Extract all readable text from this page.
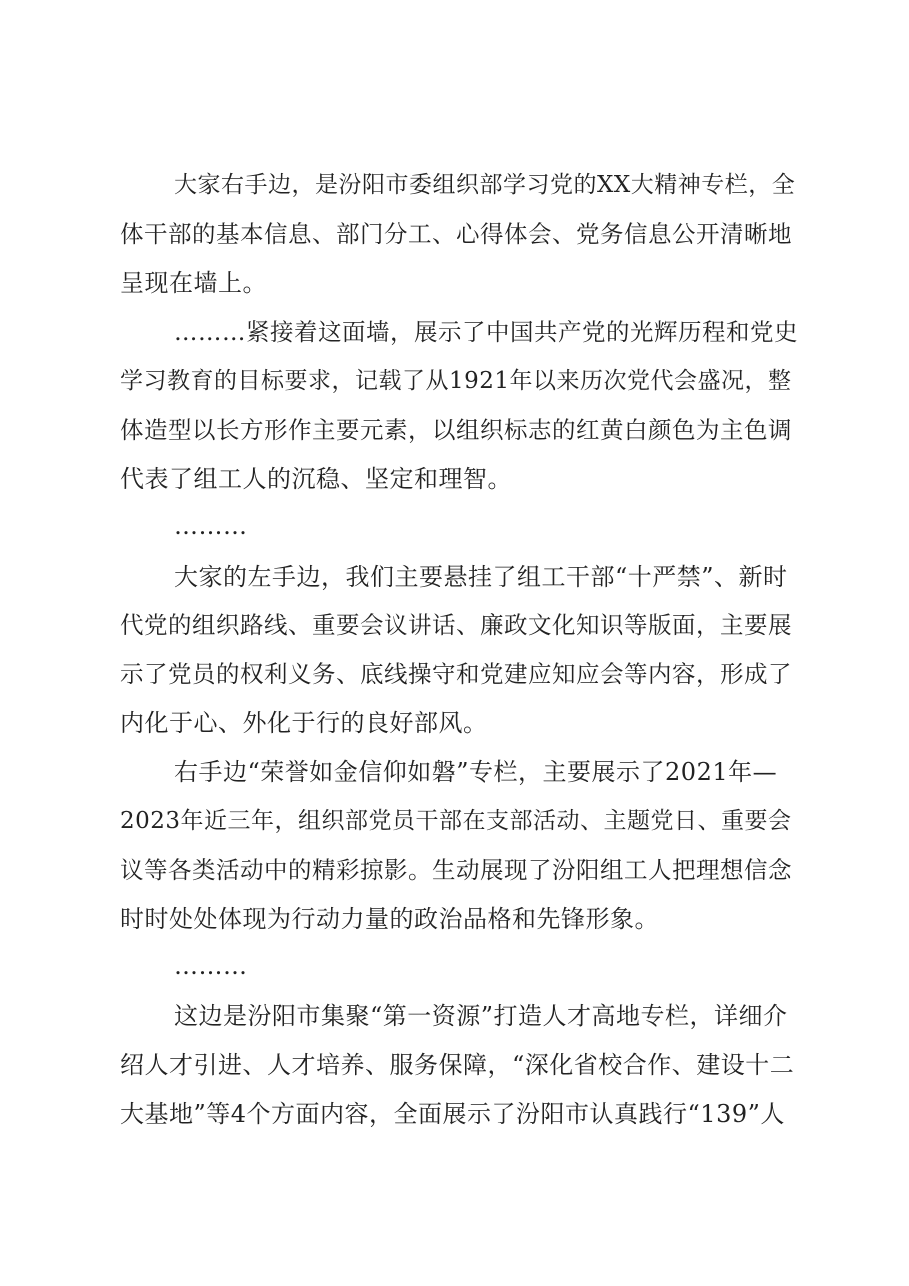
大家右手边，是汾阳市委组织部学习党的XX大精神专栏，全

体干部的基本信息、部门分工、心得体会、党务信息公开清晰地

呈现在墙上。

………紧接着这面墙，展示了中国共产党的光辉历程和党史

学习教育的目标要求，记载了从1921年以来历次党代会盛况，整

体造型以长方形作主要元素，以组织标志的红黄白颜色为主色调

代表了组工人的沉稳、坚定和理智。

………

大家的左手边，我们主要悬挂了组工干部“十严禁”、新时

代党的组织路线、重要会议讲话、廉政文化知识等版面，主要展

示了党员的权利义务、底线操守和党建应知应会等内容，形成了

内化于心、外化于行的良好部风。

右手边“荣誉如金信仰如磐”专栏，主要展示了2021年—

2023年近三年，组织部党员干部在支部活动、主题党日、重要会

议等各类活动中的精彩掠影。生动展现了汾阳组工人把理想信念

时时处处体现为行动力量的政治品格和先锋形象。

………

这边是汾阳市集聚“第一资源”打造人才高地专栏，详细介

绍人才引进、人才培养、服务保障，“深化省校合作、建设十二

大基地”等4个方面内容，全面展示了汾阳市认真践行“139”人
